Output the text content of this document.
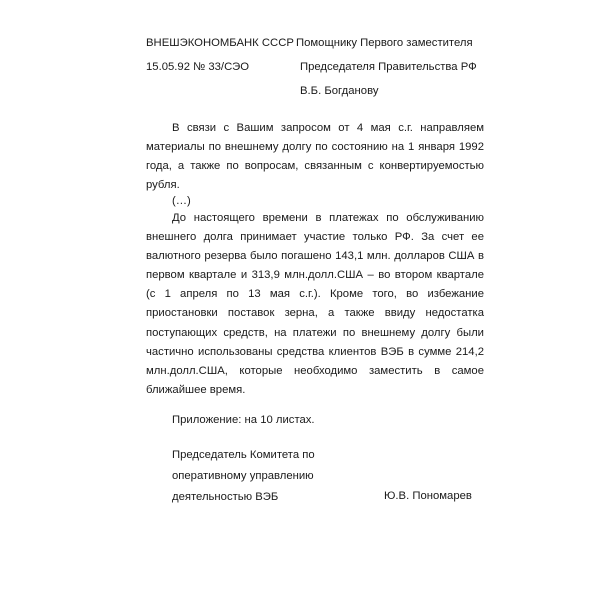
ВНЕШЭКОНОМБАНК СССР
15.05.92 № 33/СЭО
Помощнику Первого заместителя
Председателя Правительства РФ
В.Б. Богданову

В связи с Вашим запросом от 4 мая с.г. направляем материалы по внешнему долгу по состоянию на 1 января 1992 года, а также по вопросам, связанным с конвертируемостью рубля.

(…)

До настоящего времени в платежах по обслуживанию внешнего долга принимает участие только РФ. За счет ее валютного резерва было погашено 143,1 млн. долларов США в первом квартале и 313,9 млн.долл.США – во втором квартале (с 1 апреля по 13 мая с.г.). Кроме того, во избежание приостановки поставок зерна, а также ввиду недостатка поступающих средств, на платежи по внешнему долгу были частично использованы средства клиентов ВЭБ в сумме 214,2 млн.долл.США, которые необходимо заместить в самое ближайшее время.

Приложение: на 10 листах.
Председатель Комитета по
оперативному управлению
деятельностью ВЭБ	Ю.В. Пономарев
